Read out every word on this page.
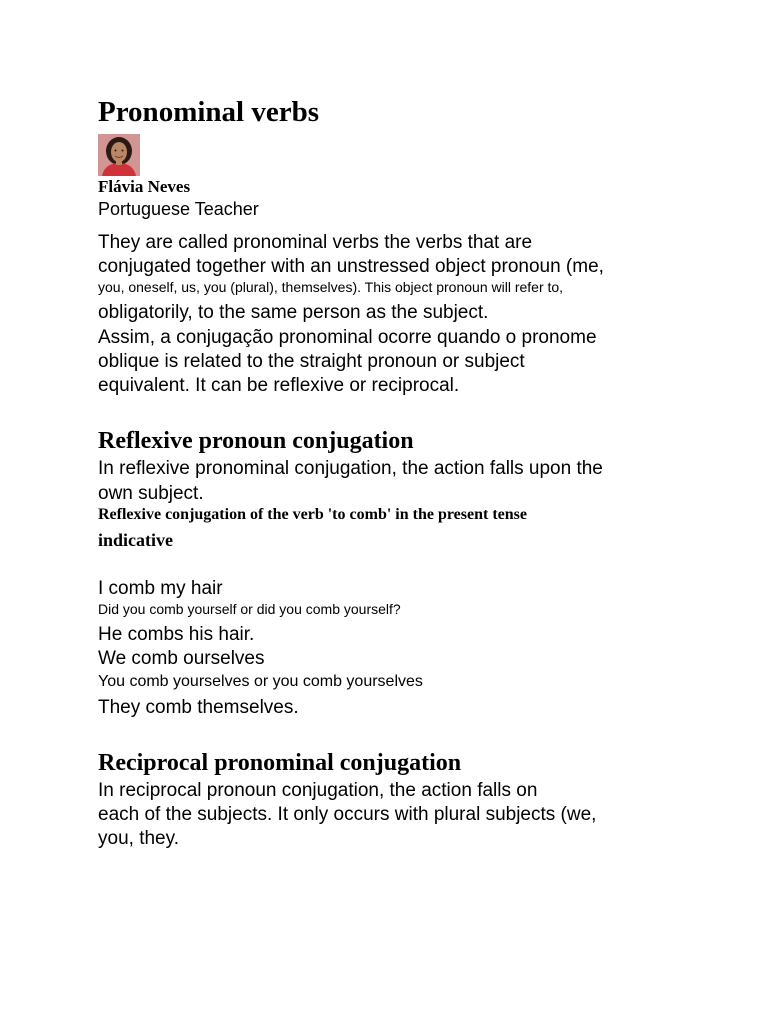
Pronominal verbs
Flávia Neves
Portuguese Teacher
They are called pronominal verbs the verbs that are
conjugated together with an unstressed object pronoun (me,
you, oneself, us, you (plural), themselves). This object pronoun will refer to,
obligatorily, to the same person as the subject.
Assim, a conjugação pronominal ocorre quando o pronome
oblique is related to the straight pronoun or subject
equivalent. It can be reflexive or reciprocal.
Reflexive pronoun conjugation
In reflexive pronominal conjugation, the action falls upon the
own subject.
Reflexive conjugation of the verb 'to comb' in the present tense
indicative
I comb my hair
Did you comb yourself or did you comb yourself?
He combs his hair.
We comb ourselves
You comb yourselves or you comb yourselves
They comb themselves.
Reciprocal pronominal conjugation
In reciprocal pronoun conjugation, the action falls on
each of the subjects. It only occurs with plural subjects (we,
you, they.
